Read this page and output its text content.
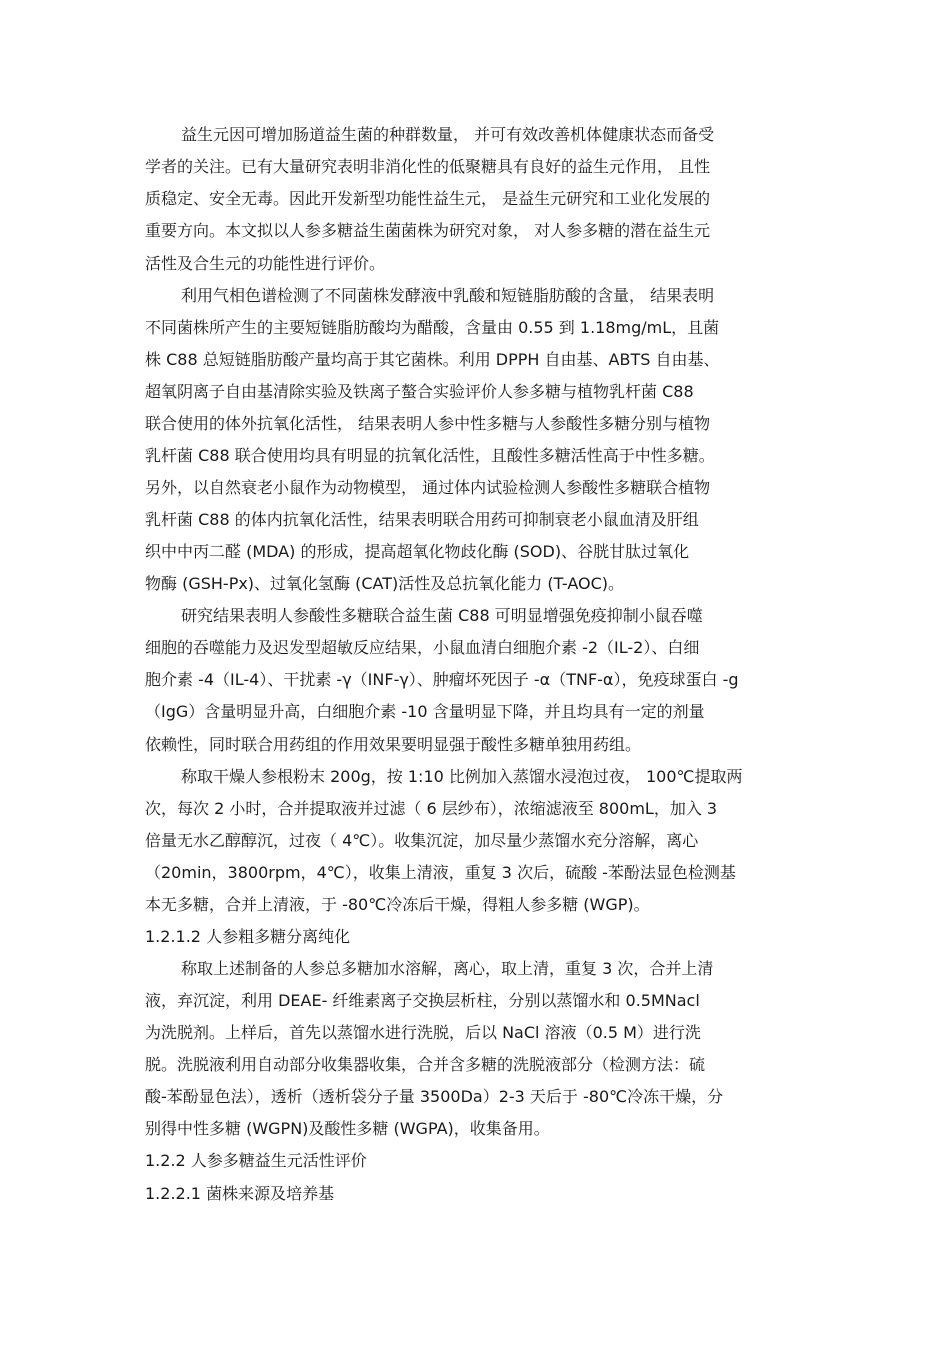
益生元因可增加肠道益生菌的种群数量， 并可有效改善机体健康状态而备受
学者的关注。已有大量研究表明非消化性的低聚糖具有良好的益生元作用， 且性
质稳定、安全无毒。因此开发新型功能性益生元， 是益生元研究和工业化发展的
重要方向。本文拟以人参多糖益生菌菌株为研究对象， 对人参多糖的潜在益生元
活性及合生元的功能性进行评价。
利用气相色谱检测了不同菌株发酵液中乳酸和短链脂肪酸的含量， 结果表明
不同菌株所产生的主要短链脂肪酸均为醋酸，含量由 0.55 到 1.18mg/mL，且菌
株 C88 总短链脂肪酸产量均高于其它菌株。利用 DPPH 自由基、ABTS 自由基、
超氧阴离子自由基清除实验及铁离子螯合实验评价人参多糖与植物乳杆菌 C88
联合使用的体外抗氧化活性， 结果表明人参中性多糖与人参酸性多糖分别与植物
乳杆菌 C88 联合使用均具有明显的抗氧化活性，且酸性多糖活性高于中性多糖。
另外，以自然衰老小鼠作为动物模型， 通过体内试验检测人参酸性多糖联合植物
乳杆菌 C88 的体内抗氧化活性，结果表明联合用药可抑制衰老小鼠血清及肝组
织中中丙二醛 (MDA) 的形成，提高超氧化物歧化酶 (SOD)、谷胱甘肽过氧化
物酶 (GSH-Px)、过氧化氢酶 (CAT)活性及总抗氧化能力 (T-AOC)。
研究结果表明人参酸性多糖联合益生菌 C88 可明显增强免疫抑制小鼠吞噬
细胞的吞噬能力及迟发型超敏反应结果，小鼠血清白细胞介素 -2（IL-2）、白细
胞介素 -4（IL-4）、干扰素 -γ（INF-γ）、肿瘤坏死因子 -α（TNF-α），免疫球蛋白 -g
（IgG）含量明显升高，白细胞介素 -10 含量明显下降，并且均具有一定的剂量
依赖性，同时联合用药组的作用效果要明显强于酸性多糖单独用药组。
称取干燥人参根粉末 200g，按 1:10 比例加入蒸馏水浸泡过夜， 100℃提取两
次，每次 2 小时，合并提取液并过滤（ 6 层纱布），浓缩滤液至 800mL，加入 3
倍量无水乙醇醇沉，过夜（ 4℃）。收集沉淀，加尽量少蒸馏水充分溶解，离心
（20min，3800rpm，4℃），收集上清液，重复 3 次后，硫酸 -苯酚法显色检测基
本无多糖，合并上清液，于 -80℃冷冻后干燥，得粗人参多糖 (WGP)。
1.2.1.2 人参粗多糖分离纯化
称取上述制备的人参总多糖加水溶解，离心，取上清，重复 3 次，合并上清
液，弃沉淀，利用 DEAE- 纤维素离子交换层析柱，分别以蒸馏水和 0.5MNacl
为洗脱剂。上样后，首先以蒸馏水进行洗脱，后以 NaCl 溶液（0.5 M）进行洗
脱。洗脱液利用自动部分收集器收集，合并含多糖的洗脱液部分（检测方法：硫
酸-苯酚显色法），透析（透析袋分子量 3500Da）2-3 天后于 -80℃冷冻干燥，分
别得中性多糖 (WGPN)及酸性多糖 (WGPA)，收集备用。
1.2.2 人参多糖益生元活性评价
1.2.2.1 菌株来源及培养基
